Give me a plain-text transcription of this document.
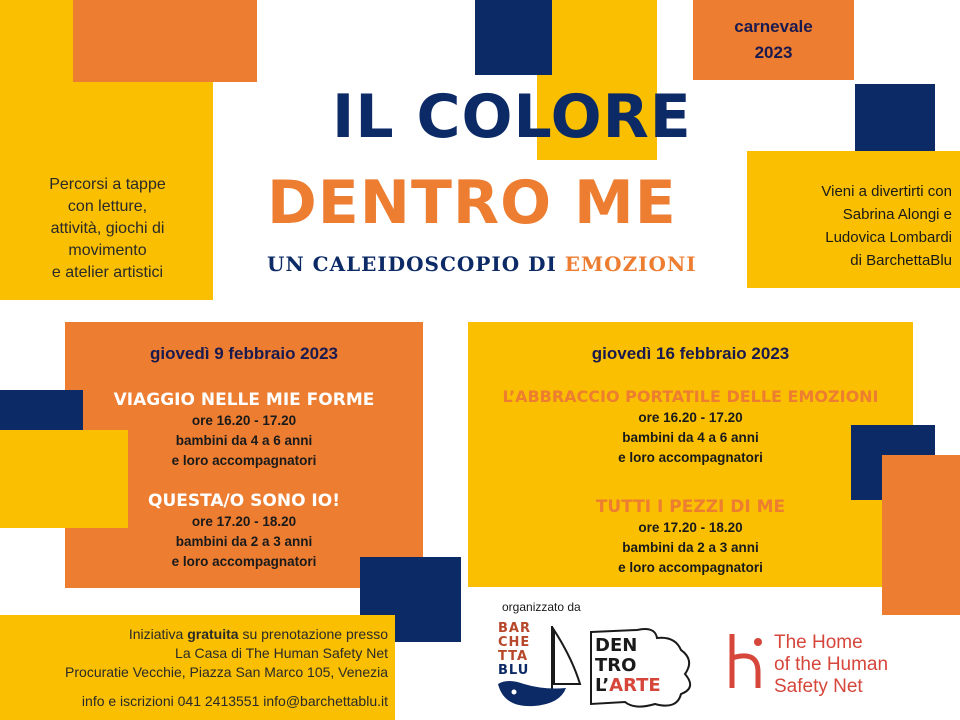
carnevale
2023
IL COLORE
DENTRO ME
UN CALEIDOSCOPIO DI EMOZIONI
Percorsi a tappe
con letture,
attività, giochi di
movimento
e atelier artistici
Vieni a divertirti con
Sabrina Alongi e
Ludovica Lombardi
di BarchettaBlu
giovedì 9 febbraio 2023
VIAGGIO NELLE MIE FORME
ore 16.20 - 17.20
bambini da 4 a 6 anni
e loro accompagnatori
QUESTA/O SONO IO!
ore 17.20 - 18.20
bambini da 2 a 3 anni
e loro accompagnatori
giovedì 16 febbraio 2023
L’ABBRACCIO PORTATILE DELLE EMOZIONI
ore 16.20 - 17.20
bambini da 4 a 6 anni
e loro accompagnatori
TUTTI I PEZZI DI ME
ore 17.20 - 18.20
bambini da 2 a 3 anni
e loro accompagnatori
Iniziativa gratuita su prenotazione presso
La Casa di The Human Safety Net
Procuratie Vecchie, Piazza San Marco 105, Venezia
info e iscrizioni 041 2413551 info@barchettablu.it
organizzato da
BAR
CHE
TTA
BLU
DEN
TRO
L’ARTE
The Home
of the Human
Safety Net
